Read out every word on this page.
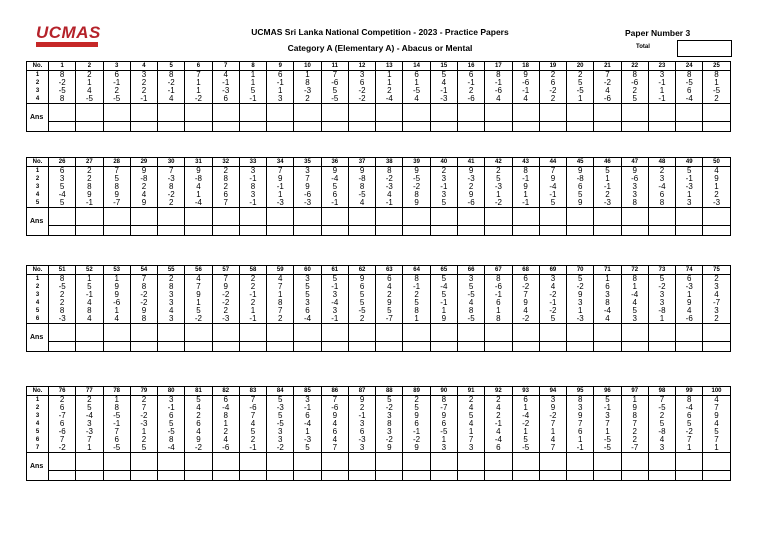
UCMAS	UCMAS Sri Lanka National Competition - 2023 - Practice Papers
Category A (Elementary A) - Abacus or Mental
Paper Number 3
Total
No.	1	2	3	4	5	6	7	8	9	10	11	12	13	14	15	16	17	18	19	20	21	22	23	24	25
1	8	2	6	3	8	7	4	1	6	1	7	3	1	6	5	6	8	9	2	2	7	8	3	8	8
2	-2	1	-1	2	-2	1	-1	1	-1	8	-6	6	1	1	4	-1	-1	-6	6	5	-2	-6	-1	-5	1
3	-5	4	2	2	-1	1	-3	5	1	-3	5	-2	2	-5	-1	2	-6	-1	-2	-5	4	2	1	6	-5
4	8	-5	-5	-1	4	-2	6	-1	3	2	-5	-2	-4	4	-3	-6	4	4	2	1	-6	5	-1	-4	2
Ans																									

No.	26	27	28	29	30	31	32	33	34	35	36	37	38	39	40	41	42	43	44	45	46	47	48	49	50
1	6	2	7	9	7	9	2	3	7	3	9	9	8	9	2	9	2	8	7	9	5	9	2	5	4
2	3	2	5	-8	-3	-8	8	-1	9	7	-4	-8	-2	-5	3	-3	5	-1	9	-8	1	-6	3	-1	9
3	5	8	8	2	8	4	2	8	-1	9	5	8	-3	-2	-1	2	-3	9	-4	6	-1	3	-4	-3	1
4	-4	9	9	4	-2	1	6	3	1	-6	6	-5	4	8	3	9	1	1	-1	5	2	3	6	1	2
5	5	-1	-7	9	2	-4	7	-1	-3	-3	-1	4	-1	9	5	-6	-2	-1	5	9	-3	8	8	3	-3
Ans																									

No.	51	52	53	54	55	56	57	58	59	60	61	62	63	64	65	66	67	68	69	70	71	72	73	74	75
1	8	1	1	7	2	4	7	2	4	3	5	9	6	8	5	3	8	6	3	5	1	8	5	6	2
2	-5	5	9	8	8	7	9	2	7	5	-1	6	4	-1	-4	5	-6	-2	4	-2	6	1	-2	-3	3
3	2	-1	9	-2	3	9	-2	-1	1	5	3	5	2	2	5	-5	-1	7	-2	9	3	-4	3	1	4
4	2	4	-6	-2	3	1	-2	2	8	3	-4	5	9	5	-1	4	6	9	-1	3	8	4	3	9	-7
5	8	8	1	9	4	5	2	1	7	6	3	-5	5	8	1	8	1	4	-2	1	-4	5	-8	4	3
6	-3	4	4	8	3	-2	-3	-1	2	-4	-1	2	-7	1	9	-5	8	-2	5	-3	4	3	1	-6	2
Ans																									

No.	76	77	78	79	80	81	82	83	84	85	86	87	88	89	90	91	92	93	94	95	96	97	98	99	100
1	2	2	1	2	3	5	6	7	5	3	7	9	5	2	8	2	2	6	3	8	5	1	7	8	4
2	6	5	8	7	-1	4	-4	-6	-3	-1	-6	2	-2	5	-7	4	4	1	9	3	-1	9	-5	-4	7
3	-7	-4	-5	-2	6	2	8	7	5	6	9	-1	3	9	9	5	2	-4	-2	9	3	8	2	6	9
4	6	3	-1	-3	5	6	1	4	-5	-4	4	3	8	6	6	4	-1	-2	7	7	7	7	5	5	4
5	-6	-3	7	1	-5	4	2	5	3	1	6	6	3	-1	-5	1	4	1	1	6	1	2	-8	-2	5
6	7	7	6	2	8	9	4	2	3	-3	4	-3	-2	-2	1	7	-4	5	4	1	-5	2	4	7	7
7	-2	1	-5	5	-4	-2	-6	-1	-2	5	7	3	9	9	3	3	6	-5	7	-1	-5	-7	3	1	1
Ans																									
